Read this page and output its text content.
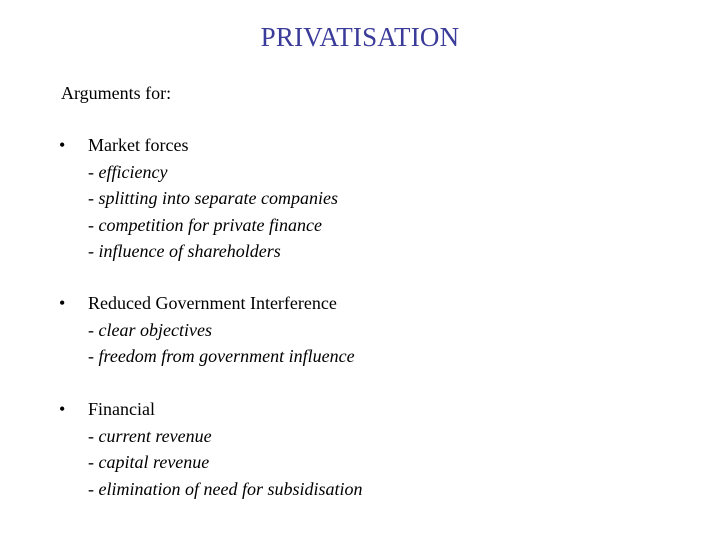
PRIVATISATION
Arguments for:
•	Market forces
- efficiency
- splitting into separate companies
- competition for private finance
- influence of shareholders
•	Reduced Government Interference
- clear objectives
- freedom from government influence
•	Financial
- current revenue
- capital revenue
- elimination of need for subsidisation
